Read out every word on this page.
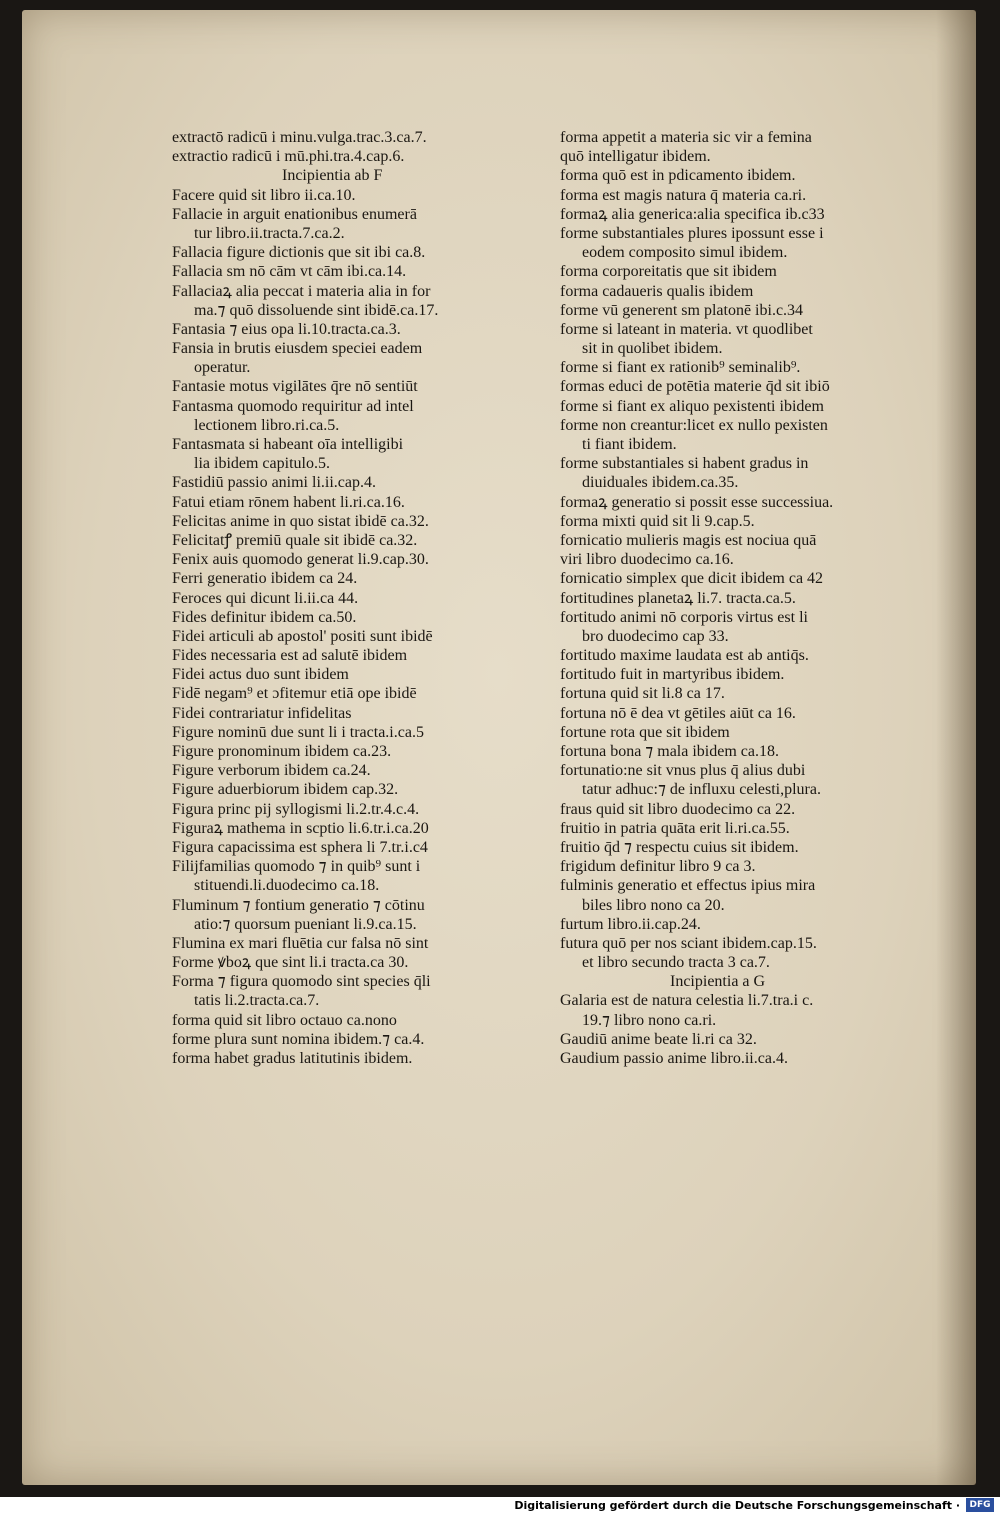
extractō radicū i minu.vulga.trac.3.ca.7.
extractio radicū i mū.phi.tra.4.cap.6.
Incipientia ab F
Facere quid sit libro ii.ca.10.
Fallacie in arguit enationibus enumerā
tur libro.ii.tracta.7.ca.2.
Fallacia figure dictionis que sit ibi ca.8.
Fallacia sm nō cām vt cām ibi.ca.14.
Fallaciaꝝ alia peccat i materia alia in for
ma.⁊ quō dissoluende sint ibidē.ca.17.
Fantasia ⁊ eius opa li.10.tracta.ca.3.
Fansia in brutis eiusdem speciei eadem
operatur.
Fantasie motus vigilātes q̄re nō sentiūt
Fantasma quomodo requiritur ad intel
lectionem libro.ri.ca.5.
Fantasmata si habeant oīa intelligibi
lia ibidem capitulo.5.
Fastidiū passio animi li.ii.cap.4.
Fatui etiam rōnem habent li.ri.ca.16.
Felicitas anime in quo sistat ibidē ca.32.
Felicitatꝭ premiū quale sit ibidē ca.32.
Fenix auis quomodo generat li.9.cap.30.
Ferri generatio ibidem ca 24.
Feroces qui dicunt li.ii.ca 44.
Fides definitur ibidem ca.50.
Fidei articuli ab apostol' positi sunt ibidē
Fides necessaria est ad salutē ibidem
Fidei actus duo sunt ibidem
Fidē negam⁹ et ɔfitemur etiā ope ibidē
Fidei contrariatur infidelitas
Figure nominū due sunt li i tracta.i.ca.5
Figure pronominum ibidem ca.23.
Figure verborum ibidem ca.24.
Figure aduerbiorum ibidem cap.32.
Figura princ pij syllogismi li.2.tr.4.c.4.
Figuraꝝ mathema in scptio li.6.tr.i.ca.20
Figura capacissima est sphera li 7.tr.i.c4
Filijfamilias quomodo ⁊ in quib⁹ sunt i
stituendi.li.duodecimo ca.18.
Fluminum ⁊ fontium generatio ⁊ cōtinu
atio:⁊ quorsum pueniant li.9.ca.15.
Flumina ex mari fluētia cur falsa nō sint
Forme ꝟboꝝ que sint li.i tracta.ca 30.
Forma ⁊ figura quomodo sint species q̄li
tatis li.2.tracta.ca.7.
forma quid sit libro octauo ca.nono
forme plura sunt nomina ibidem.⁊ ca.4.
forma habet gradus latitutinis ibidem.
forma appetit a materia sic vir a femina
quō intelligatur ibidem.
forma quō est in pdicamento ibidem.
forma est magis natura q̄ materia ca.ri.
formaꝝ alia generica:alia specifica ib.c33
forme substantiales plures ipossunt esse i
eodem composito simul ibidem.
forma corporeitatis que sit ibidem
forma cadaueris qualis ibidem
forme vū generent sm platonē ibi.c.34
forme si lateant in materia. vt quodlibet
sit in quolibet ibidem.
forme si fiant ex rationib⁹ seminalib⁹.
formas educi de potētia materie q̄d sit ibiō
forme si fiant ex aliquo pexistenti ibidem
forme non creantur:licet ex nullo pexisten
ti fiant ibidem.
forme substantiales si habent gradus in
diuiduales ibidem.ca.35.
formaꝝ generatio si possit esse successiua.
forma mixti quid sit li 9.cap.5.
fornicatio mulieris magis est nociua quā
viri libro duodecimo ca.16.
fornicatio simplex que dicit ibidem ca 42
fortitudines planetaꝝ li.7. tracta.ca.5.
fortitudo animi nō corporis virtus est li
bro duodecimo cap 33.
fortitudo maxime laudata est ab antiq̄s.
fortitudo fuit in martyribus ibidem.
fortuna quid sit li.8 ca 17.
fortuna nō ē dea vt gētiles aiūt ca 16.
fortune rota que sit ibidem
fortuna bona ⁊ mala ibidem ca.18.
fortunatio:ne sit vnus plus q̄ alius dubi
tatur adhuc:⁊ de influxu celesti,plura.
fraus quid sit libro duodecimo ca 22.
fruitio in patria quāta erit li.ri.ca.55.
fruitio q̄d ⁊ respectu cuius sit ibidem.
frigidum definitur libro 9 ca 3.
fulminis generatio et effectus ipius mira
biles libro nono ca 20.
furtum libro.ii.cap.24.
futura quō per nos sciant ibidem.cap.15.
et libro secundo tracta 3 ca.7.
Incipientia a G
Galaria est de natura celestia li.7.tra.i c.
19.⁊ libro nono ca.ri.
Gaudiū anime beate li.ri ca 32.
Gaudium passio anime libro.ii.ca.4.
Digitalisierung gefördert durch die Deutsche Forschungsgemeinschaft ·	DFG
